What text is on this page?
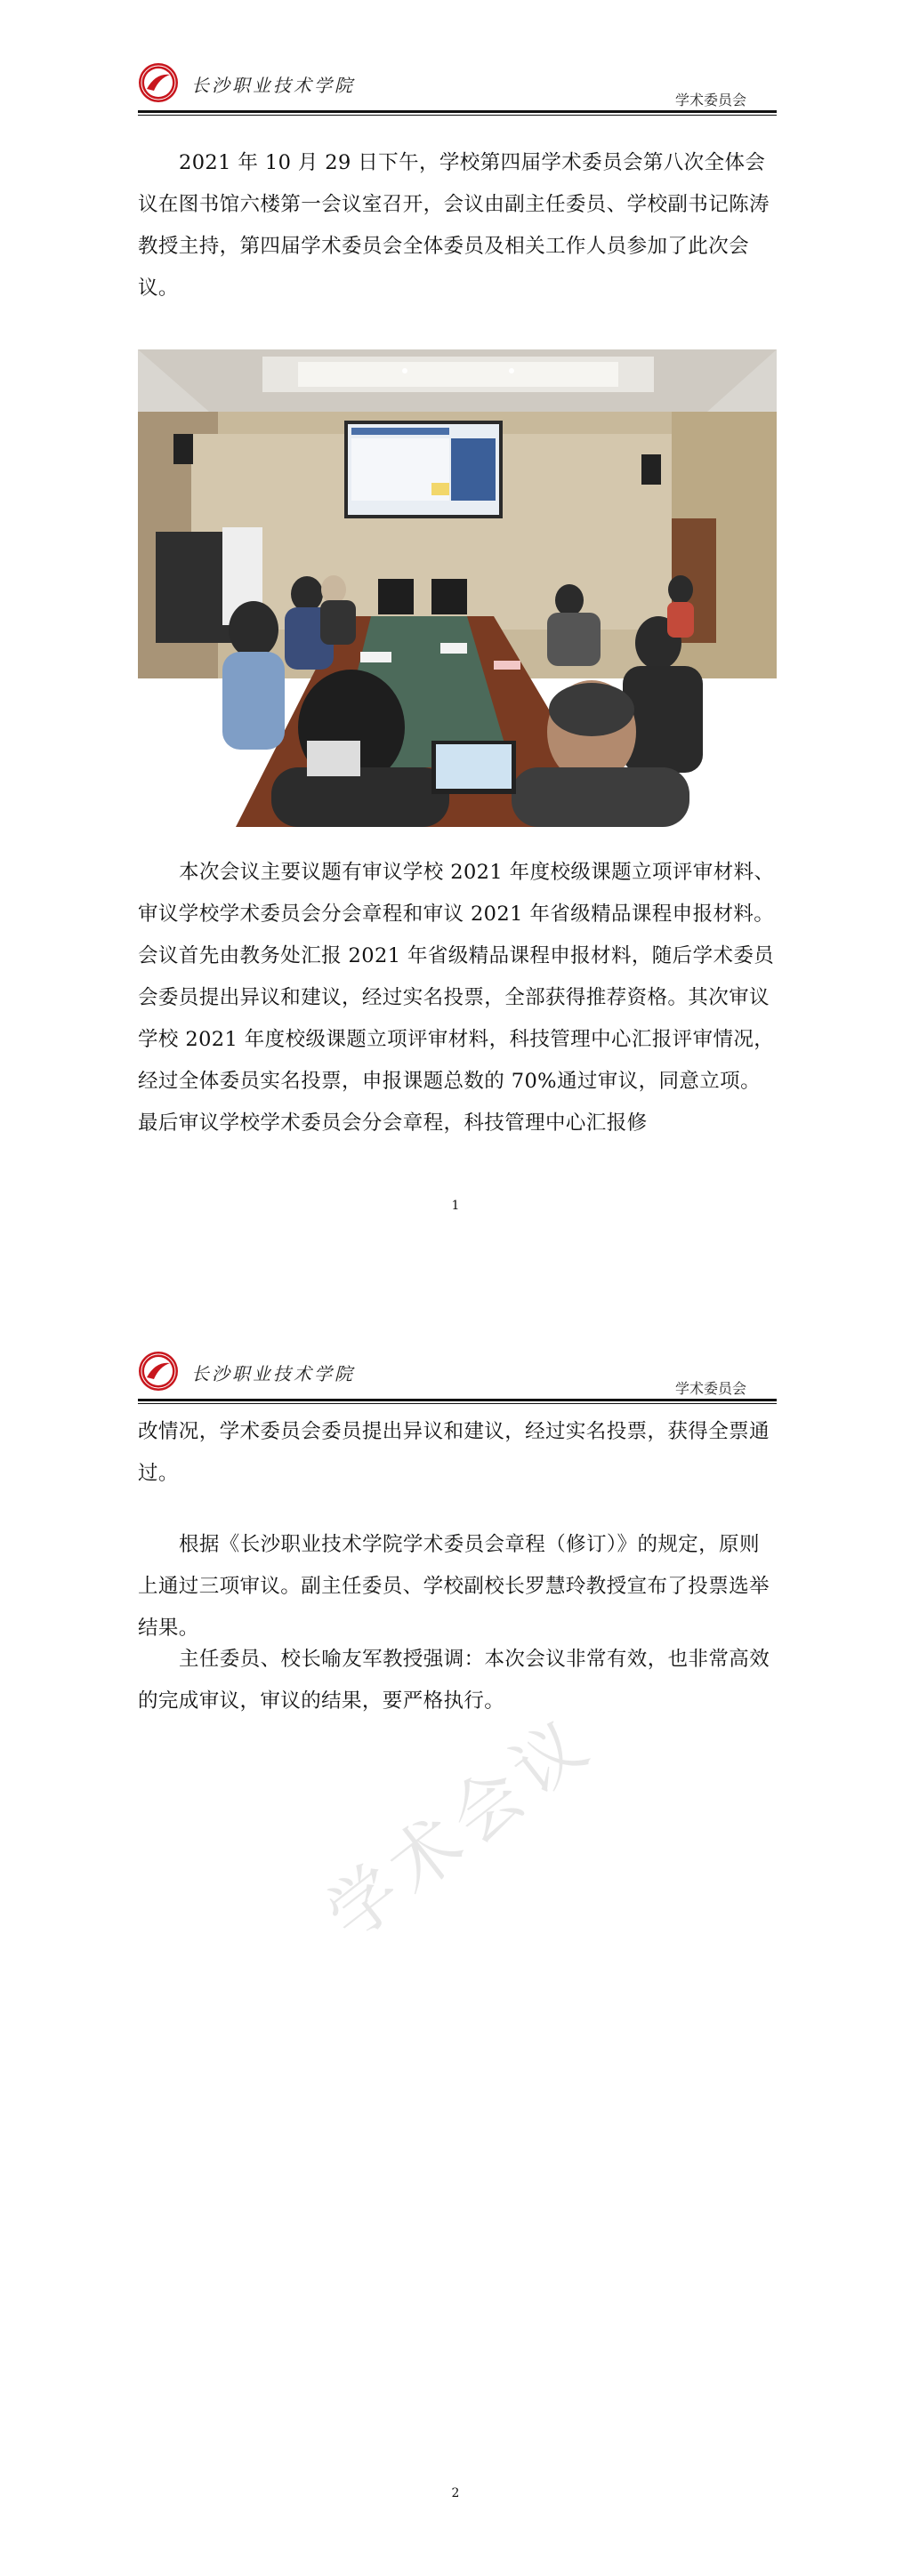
长沙职业技术学院
学术委员会

2021 年 10 月 29 日下午，学校第四届学术委员会第八次全体会议在图书馆六楼第一会议室召开，会议由副主任委员、学校副书记陈涛教授主持，第四届学术委员会全体委员及相关工作人员参加了此次会议。

本次会议主要议题有审议学校 2021 年度校级课题立项评审材料、审议学校学术委员会分会章程和审议 2021 年省级精品课程申报材料。会议首先由教务处汇报 2021 年省级精品课程申报材料，随后学术委员会委员提出异议和建议，经过实名投票，全部获得推荐资格。其次审议学校 2021 年度校级课题立项评审材料，科技管理中心汇报评审情况，经过全体委员实名投票，申报课题总数的 70%通过审议，同意立项。最后审议学校学术委员会分会章程，科技管理中心汇报修

1
长沙职业技术学院
学术委员会

改情况，学术委员会委员提出异议和建议，经过实名投票，获得全票通过。

根据《长沙职业技术学院学术委员会章程（修订）》的规定，原则上通过三项审议。副主任委员、学校副校长罗慧玲教授宣布了投票选举结果。

主任委员、校长喻友军教授强调：本次会议非常有效，也非常高效的完成审议，审议的结果，要严格执行。

2
学术会议
